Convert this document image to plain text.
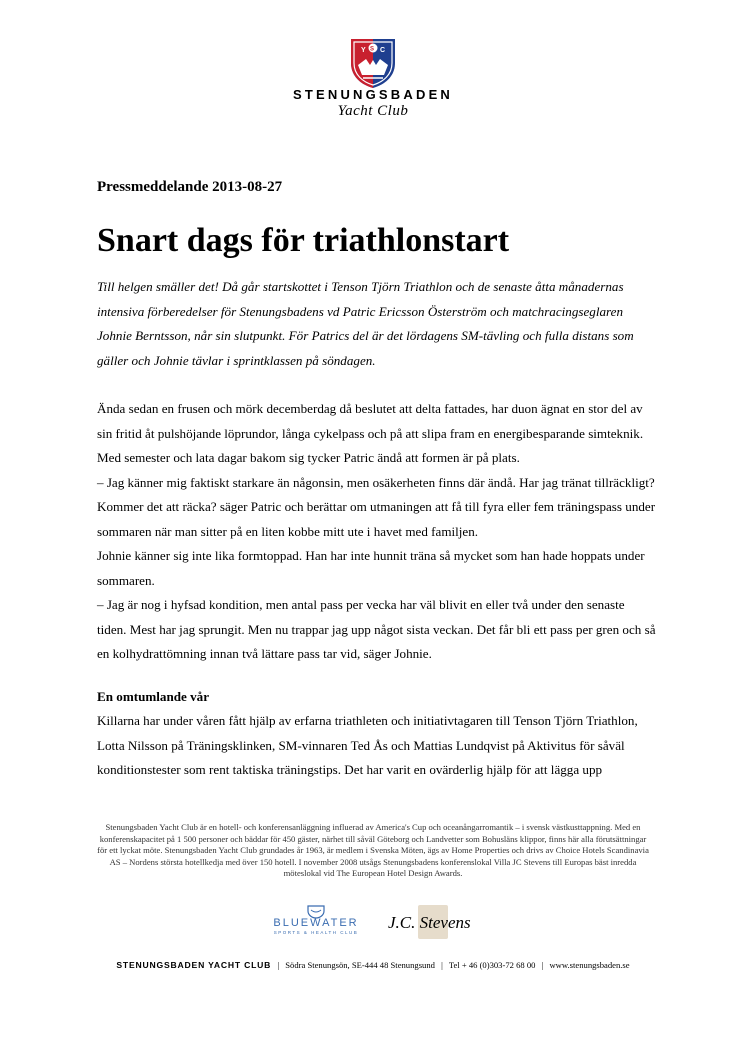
Y S C
STENUNGSBADEN
Yacht Club

Pressmeddelande 2013-08-27

Snart dags för triathlonstart

Till helgen smäller det! Då går startskottet i Tenson Tjörn Triathlon och de senaste åtta månadernas intensiva förberedelser för Stenungsbadens vd Patric Ericsson Österström och matchracingseglaren Johnie Berntsson, når sin slutpunkt. För Patrics del är det lördagens SM-tävling och fulla distans som gäller och Johnie tävlar i sprintklassen på söndagen.

Ända sedan en frusen och mörk decemberdag då beslutet att delta fattades, har duon ägnat en stor del av sin fritid åt pulshöjande löprundor, långa cykelpass och på att slipa fram en energibesparande simteknik. Med semester och lata dagar bakom sig tycker Patric ändå att formen är på plats.

– Jag känner mig faktiskt starkare än någonsin, men osäkerheten finns där ändå. Har jag tränat tillräckligt? Kommer det att räcka? säger Patric och berättar om utmaningen att få till fyra eller fem träningspass under sommaren när man sitter på en liten kobbe mitt ute i havet med familjen.

Johnie känner sig inte lika formtoppad. Han har inte hunnit träna så mycket som han hade hoppats under sommaren.

– Jag är nog i hyfsad kondition, men antal pass per vecka har väl blivit en eller två under den senaste tiden. Mest har jag sprungit. Men nu trappar jag upp något sista veckan. Det får bli ett pass per gren och så en kolhydrattömning innan två lättare pass tar vid, säger Johnie.

En omtumlande vår

Killarna har under våren fått hjälp av erfarna triathleten och initiativtagaren till Tenson Tjörn Triathlon, Lotta Nilsson på Träningsklinken, SM-vinnaren Ted Ås och Mattias Lundqvist på Aktivitus för såväl konditionstester som rent taktiska träningstips. Det har varit en ovärderlig hjälp för att lägga upp

Stenungsbaden Yacht Club är en hotell- och konferensanläggning influerad av America's Cup och oceanångarromantik – i svensk västkusttappning. Med en konferenskapacitet på 1 500 personer och bäddar för 450 gäster, närhet till såväl Göteborg och Landvetter som Bohusläns klippor, finns här alla förutsättningar för ett lyckat möte. Stenungsbaden Yacht Club grundades år 1963, är medlem i Svenska Möten, ägs av Home Properties och drivs av Choice Hotels Scandinavia AS – Nordens största hotellkedja med över 150 hotell. I november 2008 utsågs Stenungsbadens konferenslokal Villa JC Stevens till Europas bäst inredda möteslokal vid The European Hotel Design Awards.
BLUEWATER
SPORTS & HEALTH CLUB
J.C. Stevens
STENUNGSBADEN YACHT CLUB | Södra Stenungsön, SE-444 48 Stenungsund | Tel + 46 (0)303-72 68 00 | www.stenungsbaden.se
